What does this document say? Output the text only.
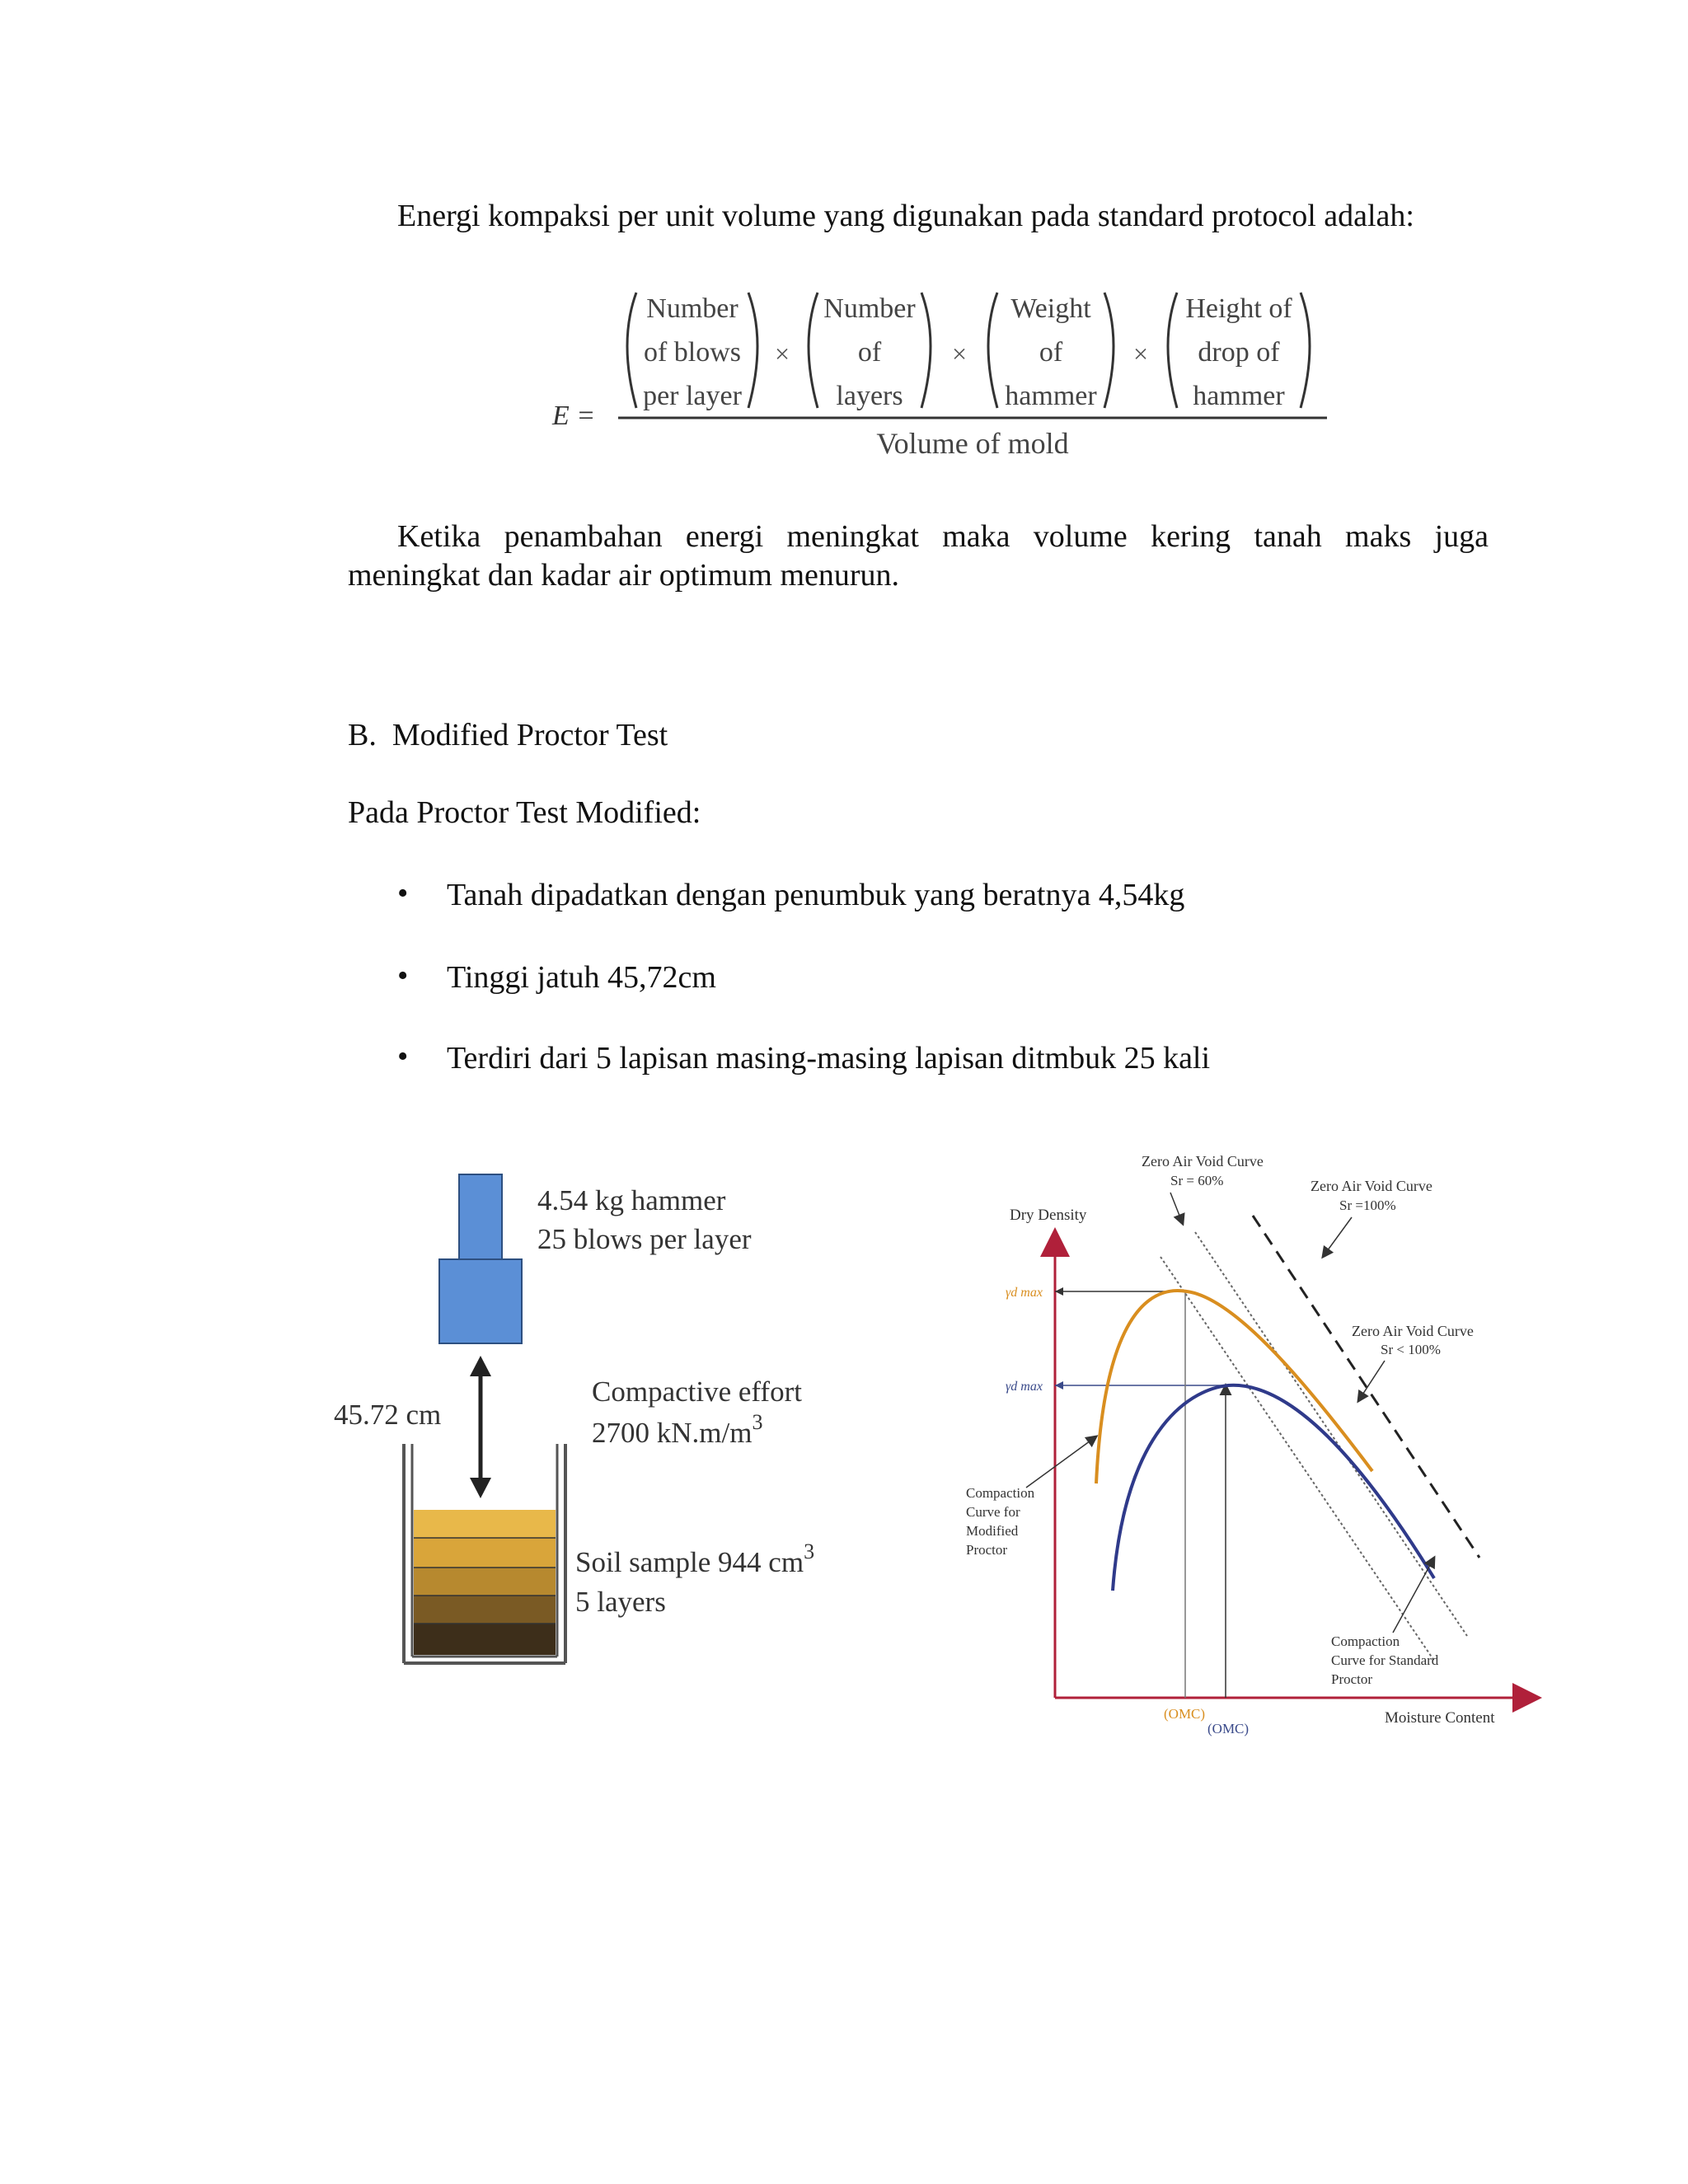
Energi kompaksi per unit volume yang digunakan pada standard protocol adalah:
E =
Number
of blows
per layer
×
Number
of
layers
×
Weight
of
hammer
×
Height of
drop of
hammer
Volume of mold
Ketika penambahan energi meningkat maka volume kering tanah maks juga
meningkat dan kadar air optimum menurun.
B.  Modified Proctor Test
Pada Proctor Test Modified:
• Tanah dipadatkan dengan penumbuk yang beratnya 4,54kg
• Tinggi jatuh 45,72cm
• Terdiri dari 5 lapisan masing-masing lapisan ditmbuk 25 kali
4.54 kg hammer
25 blows per layer
45.72 cm
Compactive effort
2700 $kN.m/m^3$
Soil sample 944 $cm^3$
5 layers
Dry Density
Moisture Content
γd max
γd max
(OMC)
(OMC)
Zero Air Void Curve
Sr = 60%	Zero Air Void Curve
Sr =100%
Zero Air Void Curve
Sr < 100%
Compaction
Curve for
Modified
Proctor
Compaction
Curve for Standard
Proctor
